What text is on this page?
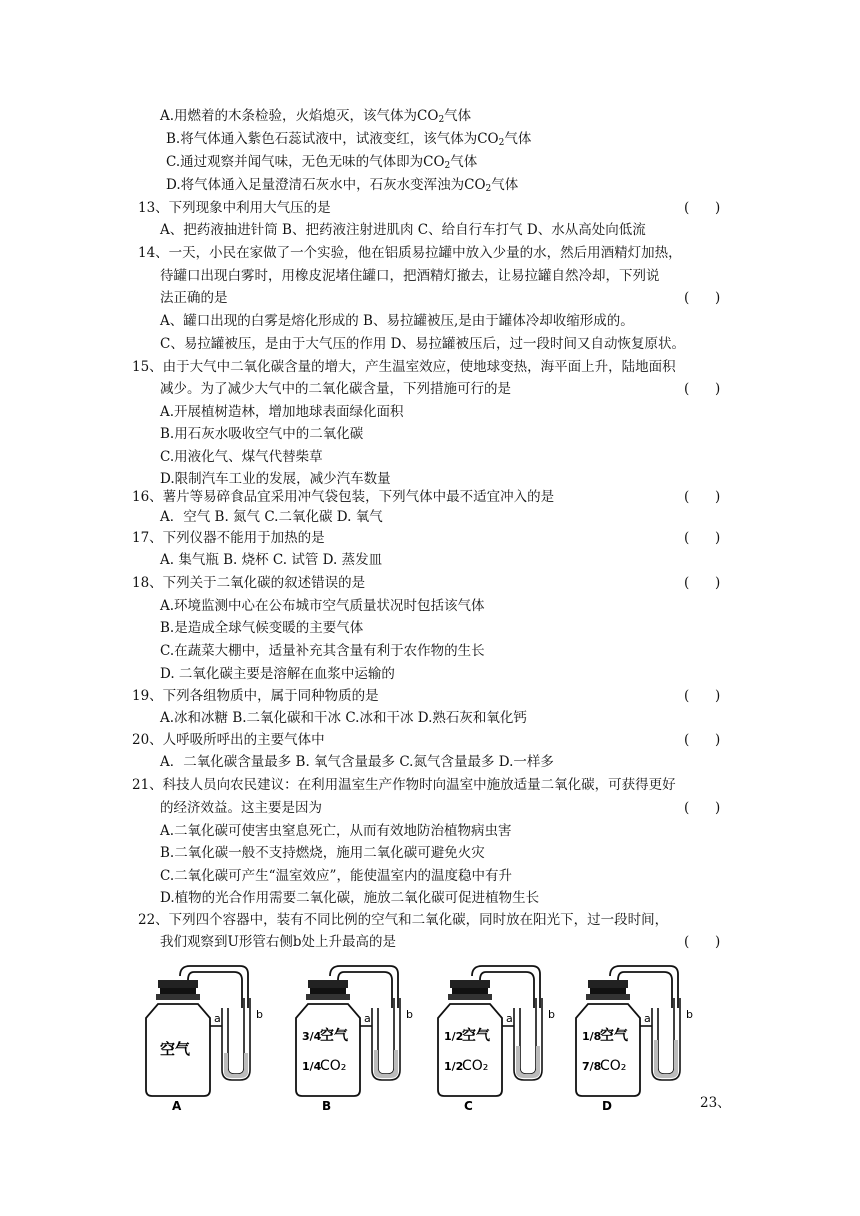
A.用燃着的木条检验，火焰熄灭，该气体为$CO_2$气体
B.将气体通入紫色石蕊试液中，试液变红，该气体为$CO_2$气体
C.通过观察并闻气味，无色无味的气体即为$CO_2$气体
D.将气体通入足量澄清石灰水中，石灰水变浑浊为$CO_2$气体
13、下列现象中利用大气压的是	(      )
A、把药液抽进针筒 B、把药液注射进肌肉 C、给自行车打气 D、水从高处向低流
14、一天，小民在家做了一个实验，他在铝质易拉罐中放入少量的水，然后用酒精灯加热，
待罐口出现白雾时，用橡皮泥堵住罐口，把酒精灯撤去，让易拉罐自然冷却，下列说
法正确的是	(      )
A、罐口出现的白雾是熔化形成的 B、易拉罐被压,是由于罐体冷却收缩形成的。
C、易拉罐被压，是由于大气压的作用 D、易拉罐被压后，过一段时间又自动恢复原状。
15、由于大气中二氧化碳含量的增大，产生温室效应，使地球变热，海平面上升，陆地面积
减少。为了减少大气中的二氧化碳含量，下列措施可行的是	(      )
A.开展植树造林，增加地球表面绿化面积
B.用石灰水吸收空气中的二氧化碳
C.用液化气、煤气代替柴草
D.限制汽车工业的发展，减少汽车数量
16、薯片等易碎食品宜采用冲气袋包装，下列气体中最不适宜冲入的是	(      )
A．空气 B. 氮气 C.二氧化碳 D. 氧气
17、下列仪器不能用于加热的是	(      )
A. 集气瓶 B. 烧杯 C. 试管 D. 蒸发皿
18、下列关于二氧化碳的叙述错误的是	(      )
A.环境监测中心在公布城市空气质量状况时包括该气体
B.是造成全球气候变暖的主要气体
C.在蔬菜大棚中，适量补充其含量有利于农作物的生长
D. 二氧化碳主要是溶解在血浆中运输的
19、下列各组物质中，属于同种物质的是	(      )
A.冰和冰糖 B.二氧化碳和干冰 C.冰和干冰 D.熟石灰和氧化钙
20、人呼吸所呼出的主要气体中	(      )
A．二氧化碳含量最多 B. 氧气含量最多 C.氮气含量最多 D.一样多
21、科技人员向农民建议：在利用温室生产作物时向温室中施放适量二氧化碳，可获得更好
的经济效益。这主要是因为	(      )
A.二氧化碳可使害虫窒息死亡，从而有效地防治植物病虫害
B.二氧化碳一般不支持燃烧，施用二氧化碳可避免火灾
C.二氧化碳可产生“温室效应”，能使温室内的温度稳中有升
D.植物的光合作用需要二氧化碳，施放二氧化碳可促进植物生长
22、下列四个容器中，装有不同比例的空气和二氧化碳，同时放在阳光下，过一段时间，
我们观察到U形管右侧b处上升最高的是	(      )
空气
a	b
A
3/4
空气
1/4
CO₂
a	b
B
1/2
空气
1/2
CO₂
a	b
C
1/8
空气
7/8
CO₂
a	b
D	23、
